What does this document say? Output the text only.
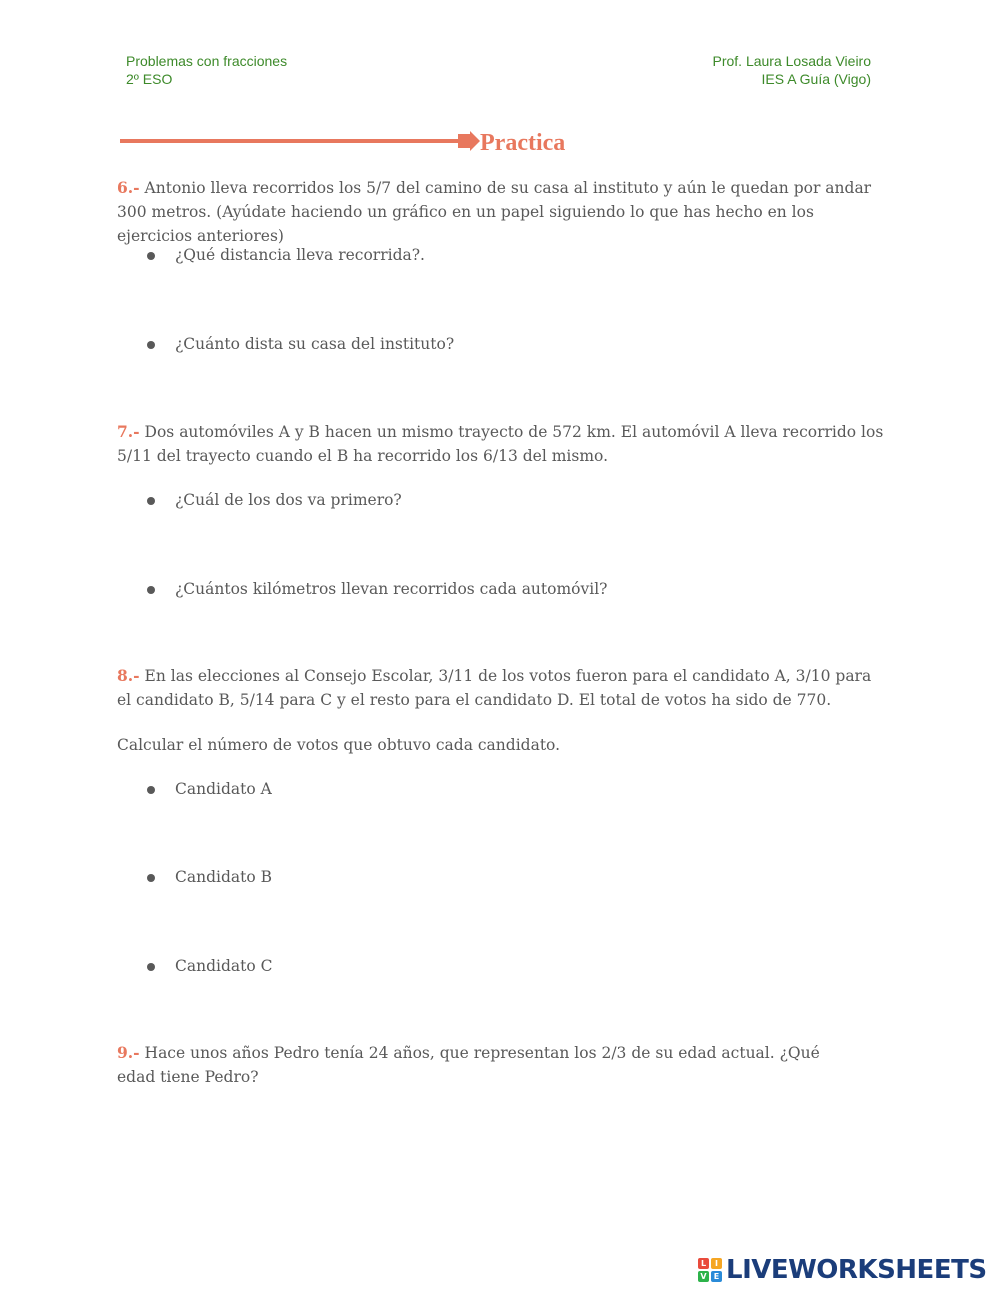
Problemas con fracciones
2º ESO
Prof. Laura Losada Vieiro
IES A Guía (Vigo)
Practica
6.- Antonio lleva recorridos los 5/7 del camino de su casa al instituto y aún le quedan por andar 300 metros. (Ayúdate haciendo un gráfico en un papel siguiendo lo que has hecho en los ejercicios anteriores)
¿Qué distancia lleva recorrida?.
¿Cuánto dista su casa del instituto?
7.- Dos automóviles A y B hacen un mismo trayecto de 572 km. El automóvil A lleva recorrido los 5/11 del trayecto cuando el B ha recorrido los 6/13 del mismo.
¿Cuál de los dos va primero?
¿Cuántos kilómetros llevan recorridos cada automóvil?
8.- En las elecciones al Consejo Escolar, 3/11 de los votos fueron para el candidato A, 3/10 para el candidato B, 5/14 para C y el resto para el candidato D. El total de votos ha sido de 770.
Calcular el número de votos que obtuvo cada candidato.
Candidato A
Candidato B
Candidato C
9.- Hace unos años Pedro tenía 24 años, que representan los 2/3 de su edad actual. ¿Qué edad tiene Pedro?
L	I
V E LIVEWORKSHEETS
